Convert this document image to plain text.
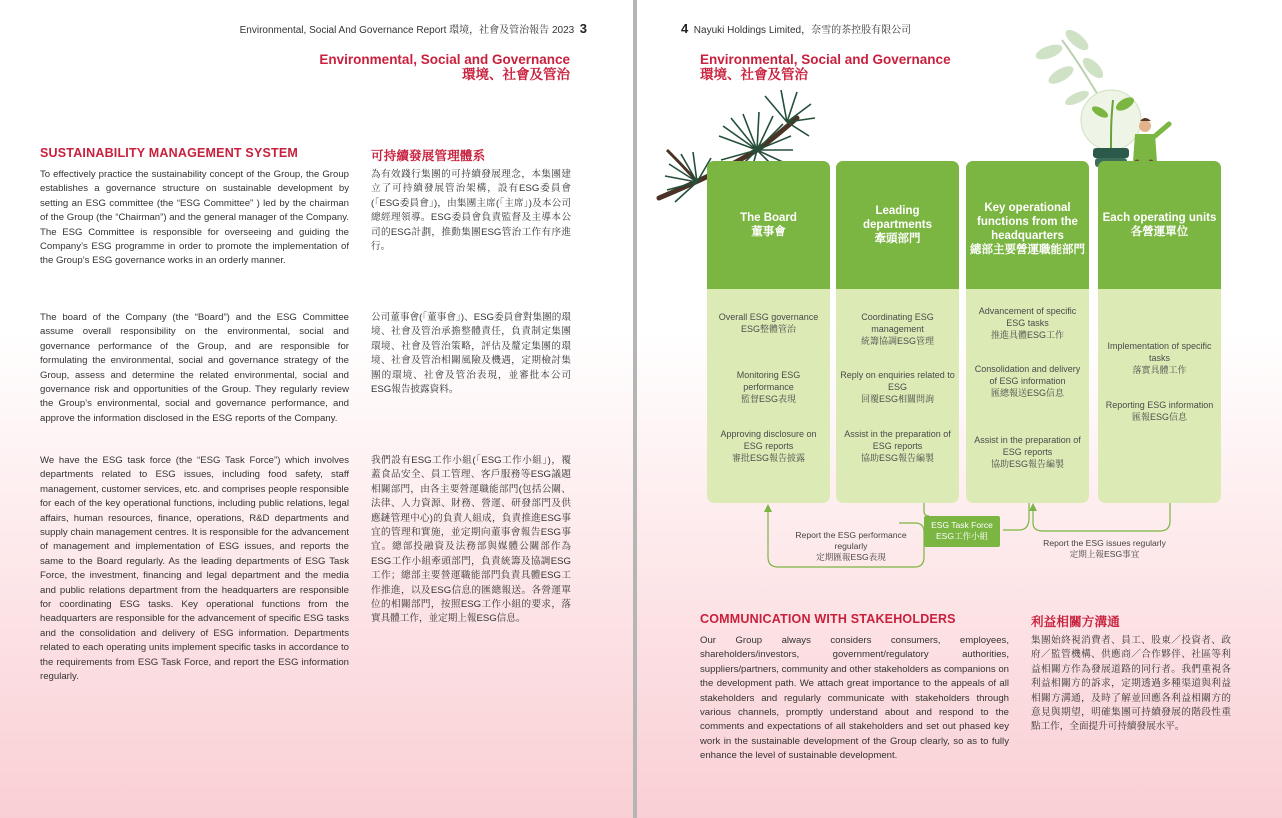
Environmental, Social And Governance Report 環境，社會及管治報告 2023 3
Environmental, Social and Governance
環境、社會及管治
SUSTAINABILITY MANAGEMENT SYSTEM	可持續發展管理體系
To effectively practice the sustainability concept of the Group, the Group establishes a governance structure on sustainable development by setting an ESG committee (the “ESG Committee” ) led by the chairman of the Group (the “Chairman”) and the general manager of the Company. The ESG Committee is responsible for overseeing and guiding the Company’s ESG programme in order to promote the implementation of the Group’s ESG governance works in an orderly manner.
The board of the Company (the “Board”) and the ESG Committee assume overall responsibility on the environmental, social and governance performance of the Group, and are responsible for formulating the environmental, social and governance strategy of the Group, assess and determine the related environmental, social and governance risk and opportunities of the Group. They regularly review the Group’s environmental, social and governance performance, and approve the information disclosed in the ESG reports of the Company.
We have the ESG task force (the “ESG Task Force”) which involves departments related to ESG issues, including food safety, staff management, customer services, etc. and comprises people responsible for each of the key operational functions, including public relations, legal affairs, human resources, finance, operations, R&D departments and supply chain management centres. It is responsible for the advancement of management and implementation of ESG issues, and reports the same to the Board regularly. As the leading departments of ESG Task Force, the investment, financing and legal department and the media and public relations department from the headquarters are responsible for coordinating ESG tasks. Key operational functions from the headquarters are responsible for the advancement of specific ESG tasks and the consolidation and delivery of ESG information. Departments related to each operating units implement specific tasks in accordance to the requirements from ESG Task Force, and report the ESG information regularly.
為有效踐行集團的可持續發展理念，本集團建立了可持續發展管治架構，設有ESG委員會(「ESG委員會」)，由集團主席(「主席」)及本公司總經理領導。ESG委員會負責監督及主導本公司的ESG計劃，推動集團ESG管治工作有序進行。
公司董事會(「董事會」)、ESG委員會對集團的環境、社會及管治承擔整體責任，負責制定集團環境、社會及管治策略，評估及釐定集團的環境、社會及管治相關風險及機遇，定期檢討集團的環境、社會及管治表現，並審批本公司ESG報告披露資料。
我們設有ESG工作小組(「ESG工作小組」)，覆蓋食品安全、員工管理、客戶服務等ESG議題相關部門，由各主要營運職能部門(包括公關、法律、人力資源、財務、營運、研發部門及供應鏈管理中心)的負責人組成，負責推進ESG事宜的管理和實施，並定期向董事會報告ESG事宜。總部投融資及法務部與媒體公關部作為ESG工作小組牽頭部門，負責統籌及協調ESG工作；總部主要營運職能部門負責具體ESG工作推進，以及ESG信息的匯總報送。各營運單位的相關部門，按照ESG工作小組的要求，落實具體工作，並定期上報ESG信息。
4 Nayuki Holdings Limited，奈雪的茶控股有限公司
Environmental, Social and Governance
環境、社會及管治
The Board
董事會
Overall ESG governance
ESG整體管治
Monitoring ESG performance
監督ESG表現
Approving disclosure on ESG reports
審批ESG報告披露
Leading departments
牽頭部門
Coordinating ESG management
統籌協調ESG管理
Reply on enquiries related to ESG
回覆ESG相關問詢
Assist in the preparation of ESG reports
協助ESG報告編製
Key operational functions from the headquarters
總部主要營運職能部門
Advancement of specific ESG tasks
推進具體ESG工作
Consolidation and delivery of ESG information
匯總報送ESG信息
Assist in the preparation of ESG reports
協助ESG報告編製
Each operating units
各營運單位
Implementation of specific tasks
落實具體工作
Reporting ESG information
匯報ESG信息
ESG Task Force
ESG工作小組
Report the ESG performance regularly
定期匯報ESG表現
Report the ESG issues regularly
定期上報ESG事宜
COMMUNICATION WITH STAKEHOLDERS	利益相關方溝通
Our Group always considers consumers, employees, shareholders/investors, government/regulatory authorities, suppliers/partners, community and other stakeholders as companions on the development path. We attach great importance to the appeals of all stakeholders and regularly communicate with stakeholders through various channels, promptly understand about and respond to the comments and expectations of all stakeholders and set out phased key work in the sustainable development of the Group clearly, so as to fully enhance the level of sustainable development.
集團始終視消費者、員工、股東／投資者、政府／監管機構、供應商／合作夥伴、社區等利益相關方作為發展道路的同行者。我們重視各利益相關方的訴求，定期透過多種渠道與利益相關方溝通，及時了解並回應各利益相關方的意見與期望，明確集團可持續發展的階段性重點工作，全面提升可持續發展水平。
